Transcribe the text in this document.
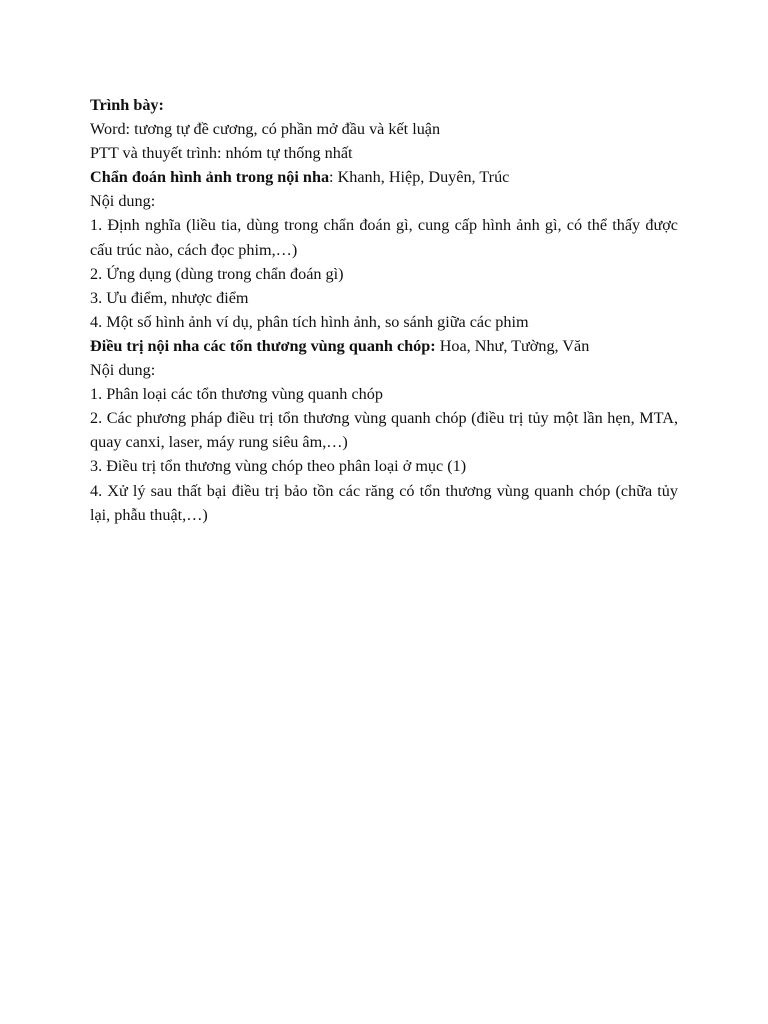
Trình bày:

Word: tương tự đề cương, có phần mở đầu và kết luận

PTT và thuyết trình: nhóm tự thống nhất

Chẩn đoán hình ảnh trong nội nha: Khanh, Hiệp, Duyên, Trúc

Nội dung:

1. Định nghĩa (liều tia, dùng trong chẩn đoán gì, cung cấp hình ảnh gì, có thể thấy được cấu trúc nào, cách đọc phim,…)

2. Ứng dụng (dùng trong chẩn đoán gì)

3. Ưu điểm, nhược điểm

4. Một số hình ảnh ví dụ, phân tích hình ảnh, so sánh giữa các phim

Điều trị nội nha các tổn thương vùng quanh chóp: Hoa, Như, Tường, Văn

Nội dung:

1. Phân loại các tổn thương vùng quanh chóp

2. Các phương pháp điều trị tổn thương vùng quanh chóp (điều trị tủy một lần hẹn, MTA, quay canxi, laser, máy rung siêu âm,…)

3. Điều trị tổn thương vùng chóp theo phân loại ở mục (1)

4. Xử lý sau thất bại điều trị bảo tồn các răng có tổn thương vùng quanh chóp (chữa tủy lại, phẫu thuật,…)
